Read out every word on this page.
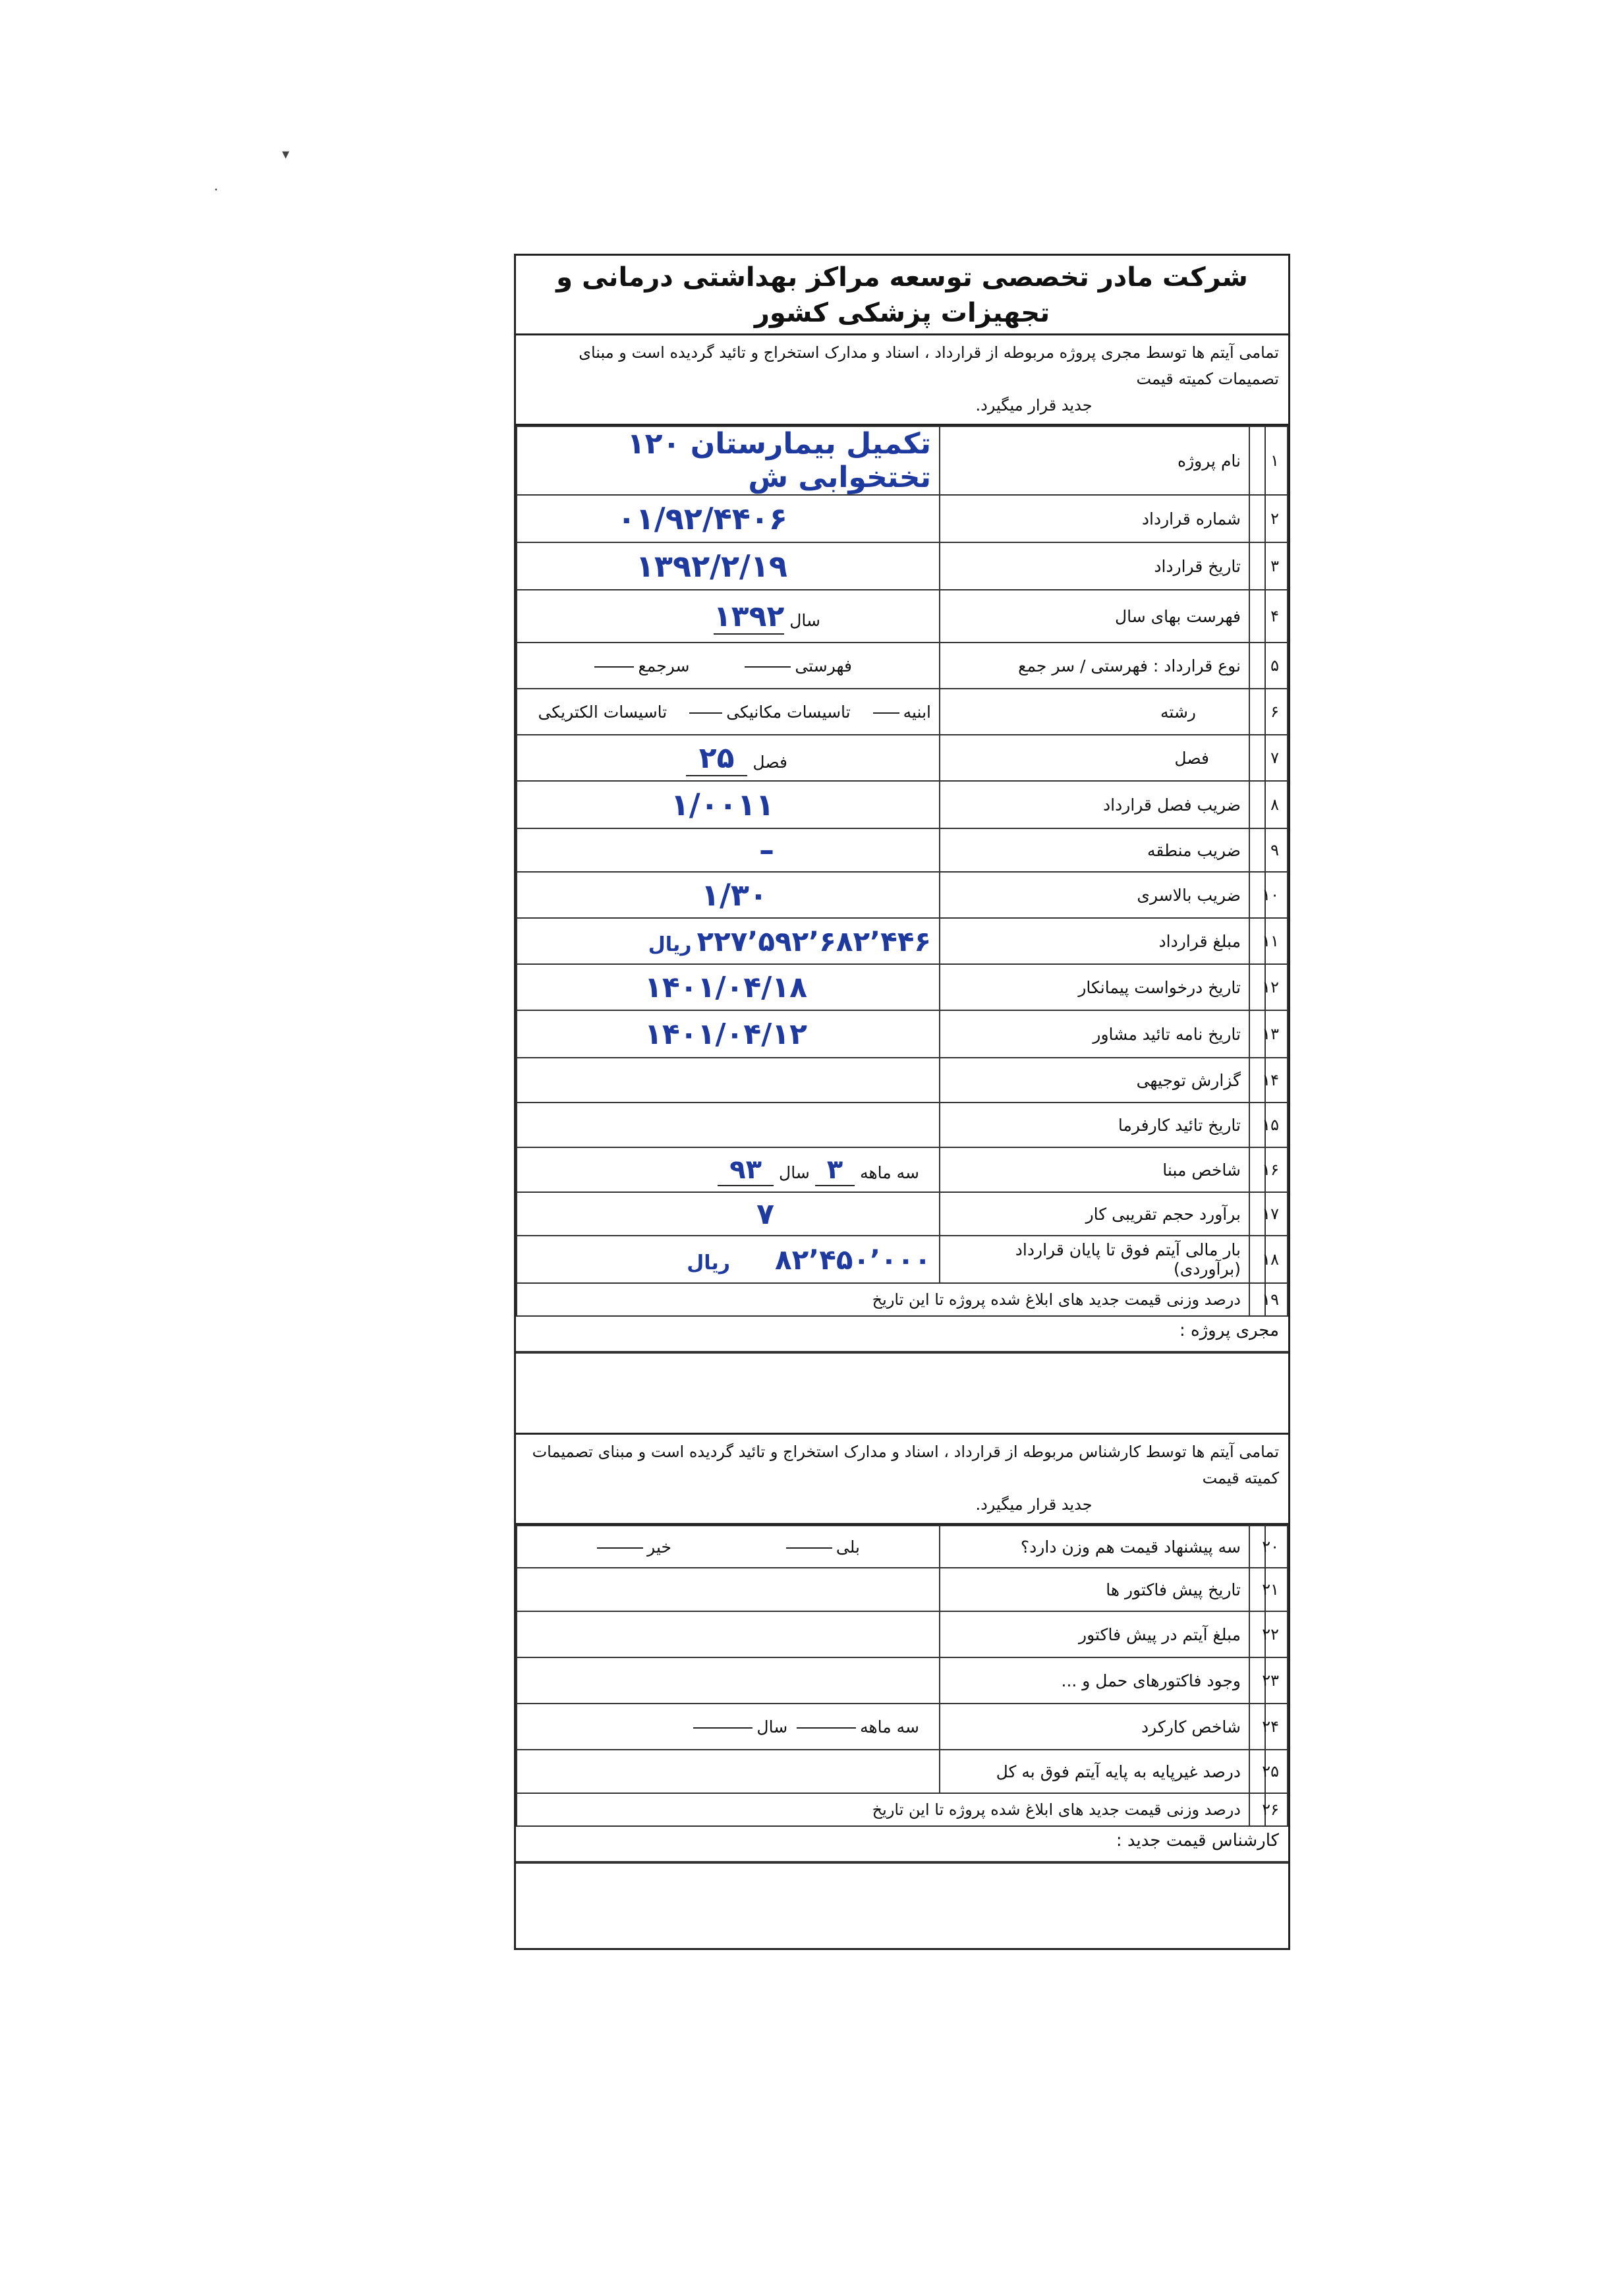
▾
•
شرکت مادر تخصصی توسعه مراکز بهداشتی درمانی و تجهیزات پزشکی کشور
تمامی آیتم ها توسط مجری پروژه مربوطه از قرارداد ، اسناد و مدارک استخراج و تائید گردیده است و مبنای تصمیمات کمیته قیمت
جدید قرار میگیرد.
۱		نام پروژه	تکمیل بیمارستان ۱۲۰ تختخوابی ش
۲		شماره قرارداد	۰۱/۹۲/۴۴۰۶
۳		تاریخ قرارداد	۱۳۹۲/۲/۱۹
۴		فهرست بهای سال	سال ۱۳۹۲
۵		نوع قرارداد : فهرستی / سر جمع	فهرستی سرجمع
۶		رشته	ابنیه تاسیسات مکانیکی تاسیسات الکتریکی
۷		فصل	فصل ۲۵
۸		ضریب فصل قرارداد	۱/۰۰۱۱
۹		ضریب منطقه	–
۱۰		ضریب بالاسری	۱/۳۰
۱۱		مبلغ قرارداد	۲۲۷٬۵۹۲٬۶۸۲٬۴۴۶ ریال
۱۲		تاریخ درخواست پیمانکار	۱۴۰۱/۰۴/۱۸
۱۳		تاریخ نامه تائید مشاور	۱۴۰۱/۰۴/۱۲
۱۴		گزارش توجیهی	
۱۵		تاریخ تائید کارفرما	
۱۶		شاخص مبنا	سه ماهه ۳ سال ۹۳
۱۷		برآورد حجم تقریبی کار	۷
۱۸		بار مالی آیتم فوق تا پایان قرارداد (برآوردی)	۸۲٬۴۵۰٬۰۰۰ ریال
۱۹		درصد وزنی قیمت جدید های ابلاغ شده پروژه تا این تاریخ	
مجری پروژه :
تمامی آیتم ها توسط کارشناس مربوطه از قرارداد ، اسناد و مدارک استخراج و تائید گردیده است و مبنای تصمیمات کمیته قیمت
جدید قرار میگیرد.
۲۰		سه پیشنهاد قیمت هم وزن دارد؟	بلی خیر
۲۱		تاریخ پیش فاکتور ها	
۲۲		مبلغ آیتم در پیش فاکتور	
۲۳		وجود فاکتورهای حمل و ...	
۲۴		شاخص کارکرد	سه ماهه سال
۲۵		درصد غیرپایه به پایه آیتم فوق به کل	
۲۶		درصد وزنی قیمت جدید های ابلاغ شده پروژه تا این تاریخ	
کارشناس قیمت جدید :
